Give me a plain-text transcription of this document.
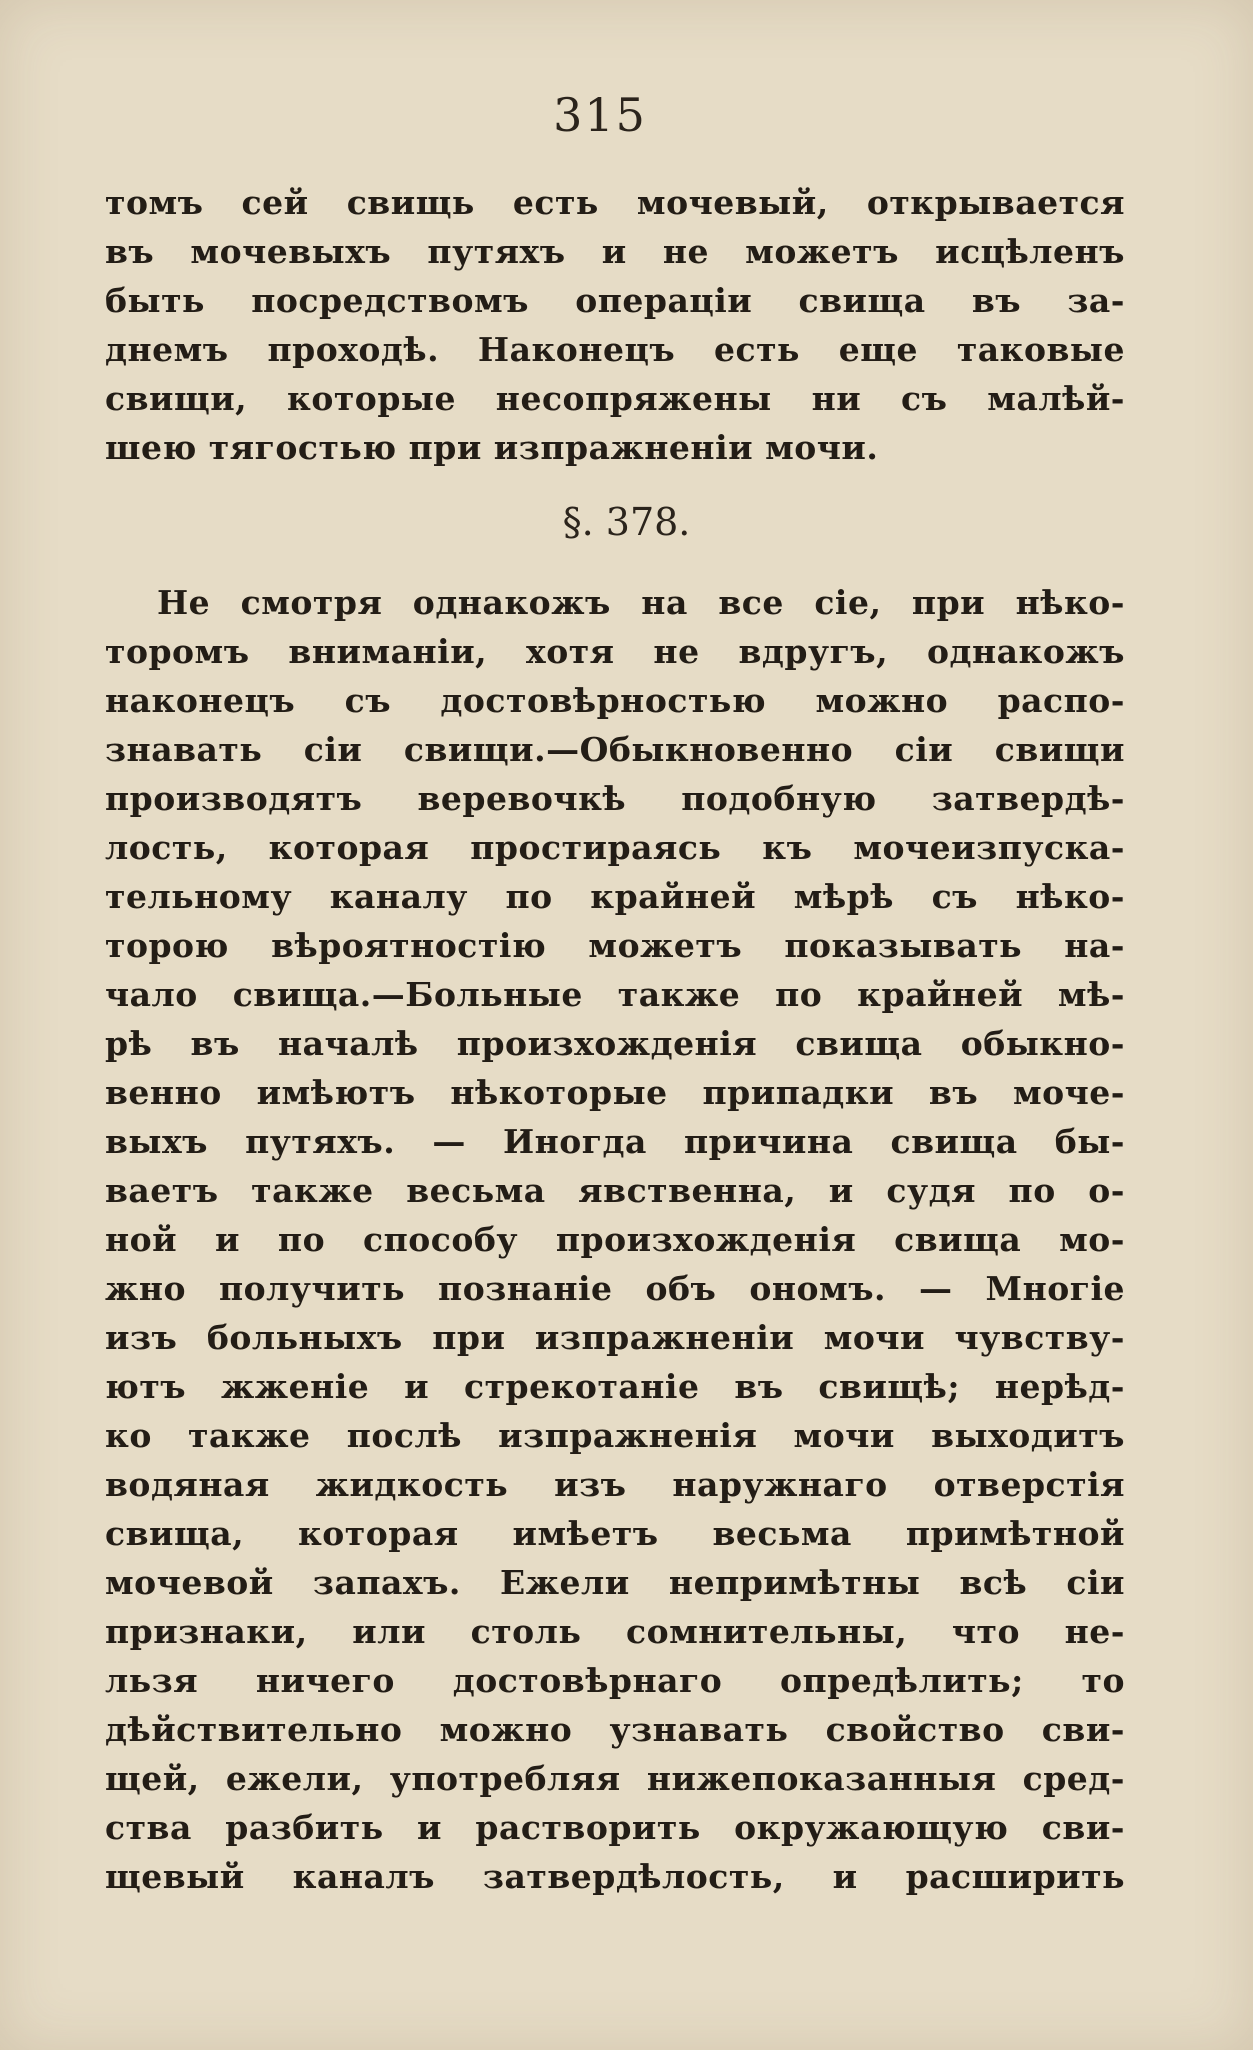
315
томъ сей свищь есть мочевый, открывается
въ мочевыхъ путяхъ и не можетъ исцѣленъ
быть посредствомъ операціи свища въ за-
днемъ проходѣ. Наконецъ есть еще таковые
свищи, которые несопряжены ни съ малѣй-
шею тягостью при изпражненіи мочи.
§. 378.
Не смотря однакожъ на все сіе, при нѣко-
торомъ вниманіи, хотя не вдругъ, однакожъ
наконецъ съ достовѣрностью можно распо-
знавать сіи свищи.—Обыкновенно сіи свищи
производятъ веревочкѣ подобную затвердѣ-
лость, которая простираясь къ мочеизпуска-
тельному каналу по крайней мѣрѣ съ нѣко-
торою вѣроятностію можетъ показывать на-
чало свища.—Больные также по крайней мѣ-
рѣ въ началѣ произхожденія свища обыкно-
венно имѣютъ нѣкоторые припадки въ моче-
выхъ путяхъ. — Иногда причина свища бы-
ваетъ также весьма явственна, и судя по о-
ной и по способу произхожденія свища мо-
жно получить познаніе объ ономъ. — Многіе
изъ больныхъ при изпражненіи мочи чувству-
ютъ жженіе и стрекотаніе въ свищѣ; нерѣд-
ко также послѣ изпражненія мочи выходитъ
водяная жидкость изъ наружнаго отверстія
свища, которая имѣетъ весьма примѣтной
мочевой запахъ. Ежели непримѣтны всѣ сіи
признаки, или столь сомнительны, что не-
льзя ничего достовѣрнаго опредѣлить; то
дѣйствительно можно узнавать свойство сви-
щей, ежели, употребляя нижепоказанныя сред-
ства разбить и растворить окружающую сви-
щевый каналъ затвердѣлость, и расширить
